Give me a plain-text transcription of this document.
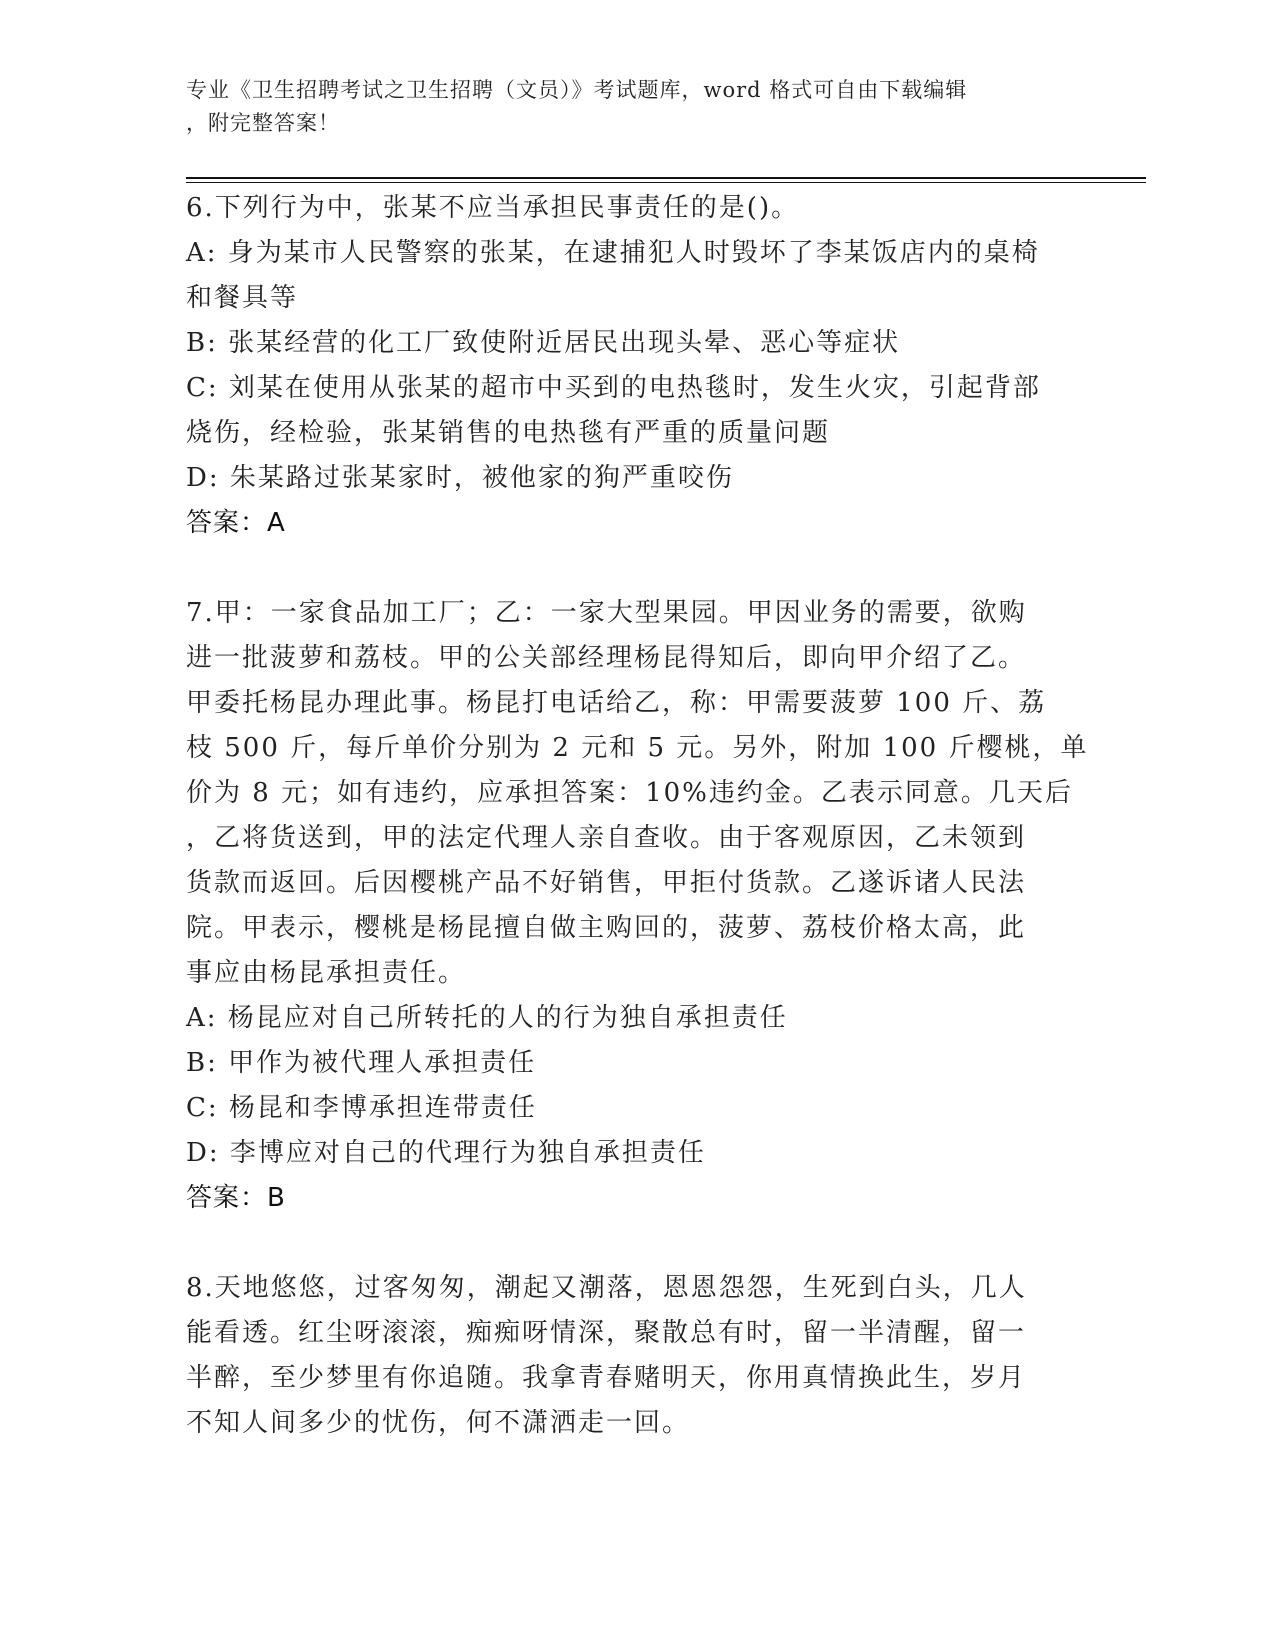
专业《卫生招聘考试之卫生招聘（文员）》考试题库，word 格式可自由下载编辑
，附完整答案！
6.下列行为中，张某不应当承担民事责任的是()。
A: 身为某市人民警察的张某，在逮捕犯人时毁坏了李某饭店内的桌椅
和餐具等
B: 张某经营的化工厂致使附近居民出现头晕、恶心等症状
C: 刘某在使用从张某的超市中买到的电热毯时，发生火灾，引起背部
烧伤，经检验，张某销售的电热毯有严重的质量问题
D: 朱某路过张某家时，被他家的狗严重咬伤
答案：A
7.甲：一家食品加工厂；乙：一家大型果园。甲因业务的需要，欲购
进一批菠萝和荔枝。甲的公关部经理杨昆得知后，即向甲介绍了乙。
甲委托杨昆办理此事。杨昆打电话给乙，称：甲需要菠萝 100 斤、荔
枝 500 斤，每斤单价分别为 2 元和 5 元。另外，附加 100 斤樱桃，单
价为 8 元；如有违约，应承担答案：10%违约金。乙表示同意。几天后
，乙将货送到，甲的法定代理人亲自查收。由于客观原因，乙未领到
货款而返回。后因樱桃产品不好销售，甲拒付货款。乙遂诉诸人民法
院。甲表示，樱桃是杨昆擅自做主购回的，菠萝、荔枝价格太高，此
事应由杨昆承担责任。
A: 杨昆应对自己所转托的人的行为独自承担责任
B: 甲作为被代理人承担责任
C: 杨昆和李博承担连带责任
D: 李博应对自己的代理行为独自承担责任
答案：B
8.天地悠悠，过客匆匆，潮起又潮落，恩恩怨怨，生死到白头，几人
能看透。红尘呀滚滚，痴痴呀情深，聚散总有时，留一半清醒，留一
半醉，至少梦里有你追随。我拿青春赌明天，你用真情换此生，岁月
不知人间多少的忧伤，何不潇洒走一回。
